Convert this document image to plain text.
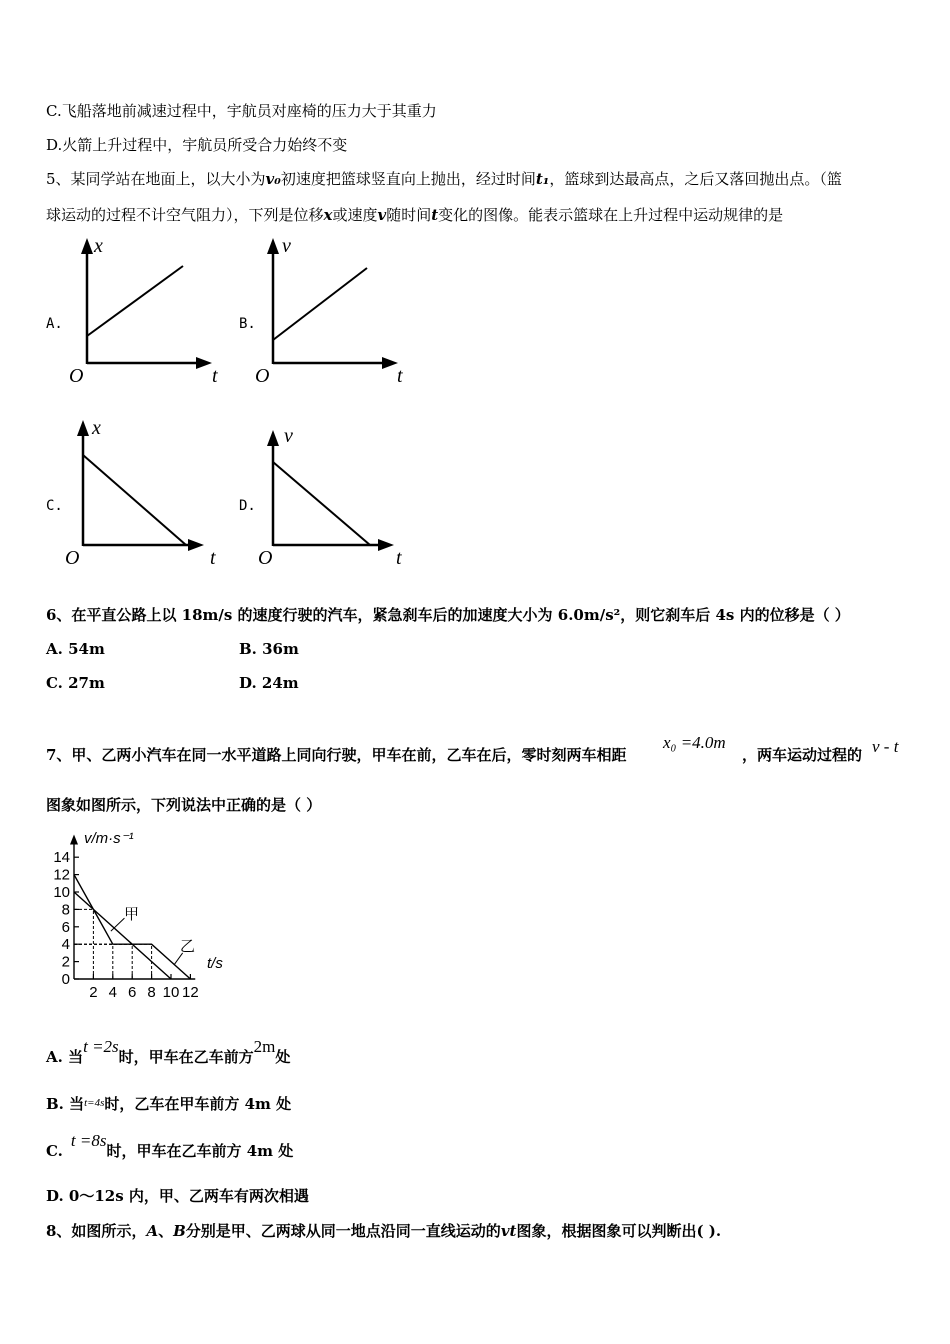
C.飞船落地前减速过程中，宇航员对座椅的压力大于其重力
D.火箭上升过程中，宇航员所受合力始终不变
5、某同学站在地面上，以大小为v₀初速度把篮球竖直向上抛出，经过时间t₁，篮球到达最高点，之后又落回抛出点。（篮
球运动的过程不计空气阻力），下列是位移x或速度v随时间t变化的图像。能表示篮球在上升过程中运动规律的是
A.	B.
C.	D.
x
O	t
v
O	t
x
O	t
v
O	t
6、在平直公路上以 18m/s 的速度行驶的汽车，紧急刹车后的加速度大小为 6.0m/s²，则它刹车后 4s 内的位移是（ ）
A. 54m	B. 36m
C. 27m	D. 24m
7、甲、乙两小汽车在同一水平道路上同向行驶，甲车在前，乙车在后，零时刻两车相距
x₀ =4.0m
，两车运动过程的 v - t
图象如图所示，下列说法中正确的是（ ）
0
2
4
6
8
10
12
14
2 4 6 8 10 12
v/m·s⁻¹
t/s
甲
乙
A. 当t =2s时，甲车在乙车前方2m处
B. 当$^{t=4s}$时，乙车在甲车前方 4m 处
C.t =8s时，甲车在乙车前方 4m 处
D. 0～12s 内，甲、乙两车有两次相遇
8、如图所示，A、B分别是甲、乙两球从同一地点沿同一直线运动的vt图象，根据图象可以判断出( ).
